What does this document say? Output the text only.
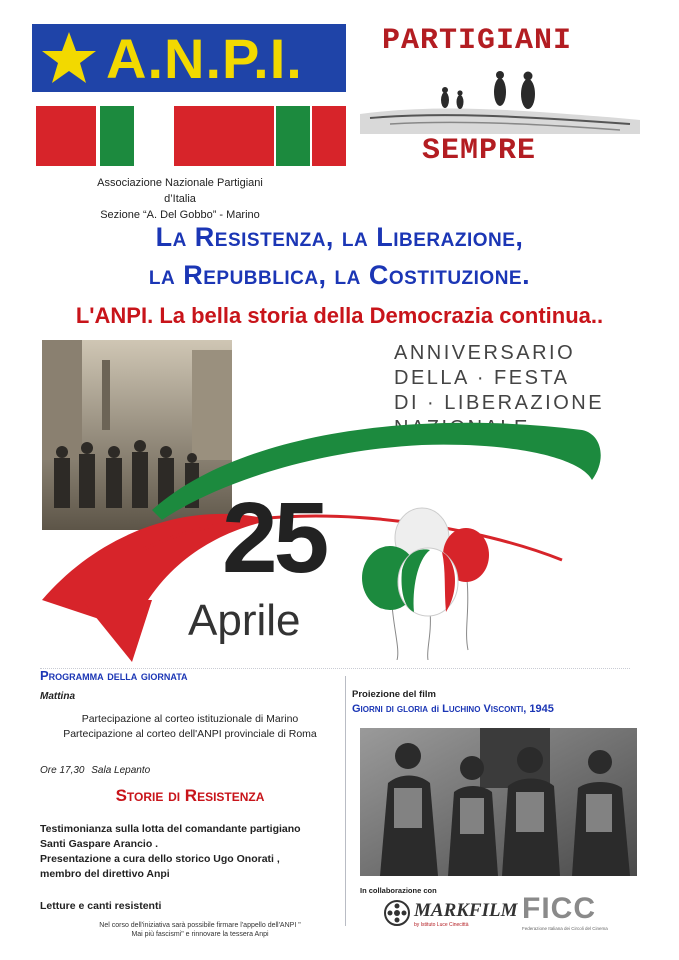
A.N.P.I.	PARTIGIANI
SEMPRE
Associazione Nazionale Partigiani d’Italia
Sezione “A. Del Gobbo” - Marino
La Resistenza, la Liberazione,
la Repubblica, la Costituzione.
L'ANPI. La bella storia della Democrazia continua..
ANNIVERSARIO
DELLA · FESTA
DI · LIBERAZIONE
25
Aprile
Programma della giornata
Mattina
Partecipazione al corteo istituzionale di Marino
Partecipazione al corteo dell'ANPI provinciale di Roma
Ore 17,30 Sala Lepanto
Storie di Resistenza
Testimonianza sulla lotta del comandante partigiano
Santi Gaspare Arancio .
Presentazione a cura dello storico Ugo Onorati ,
membro del direttivo Anpi
Letture e canti resistenti
Nel corso dell'iniziativa sarà possibile firmare l'appello dell'ANPI "
Mai più fascismi" e rinnovare la tessera Anpi
Proiezione del film
Giorni di gloria di Luchino Visconti, 1945
In collaborazione con
MARKFILM
by Istituto Luce Cinecittà FICC
Federazione Italiana dei Circoli del Cinema
